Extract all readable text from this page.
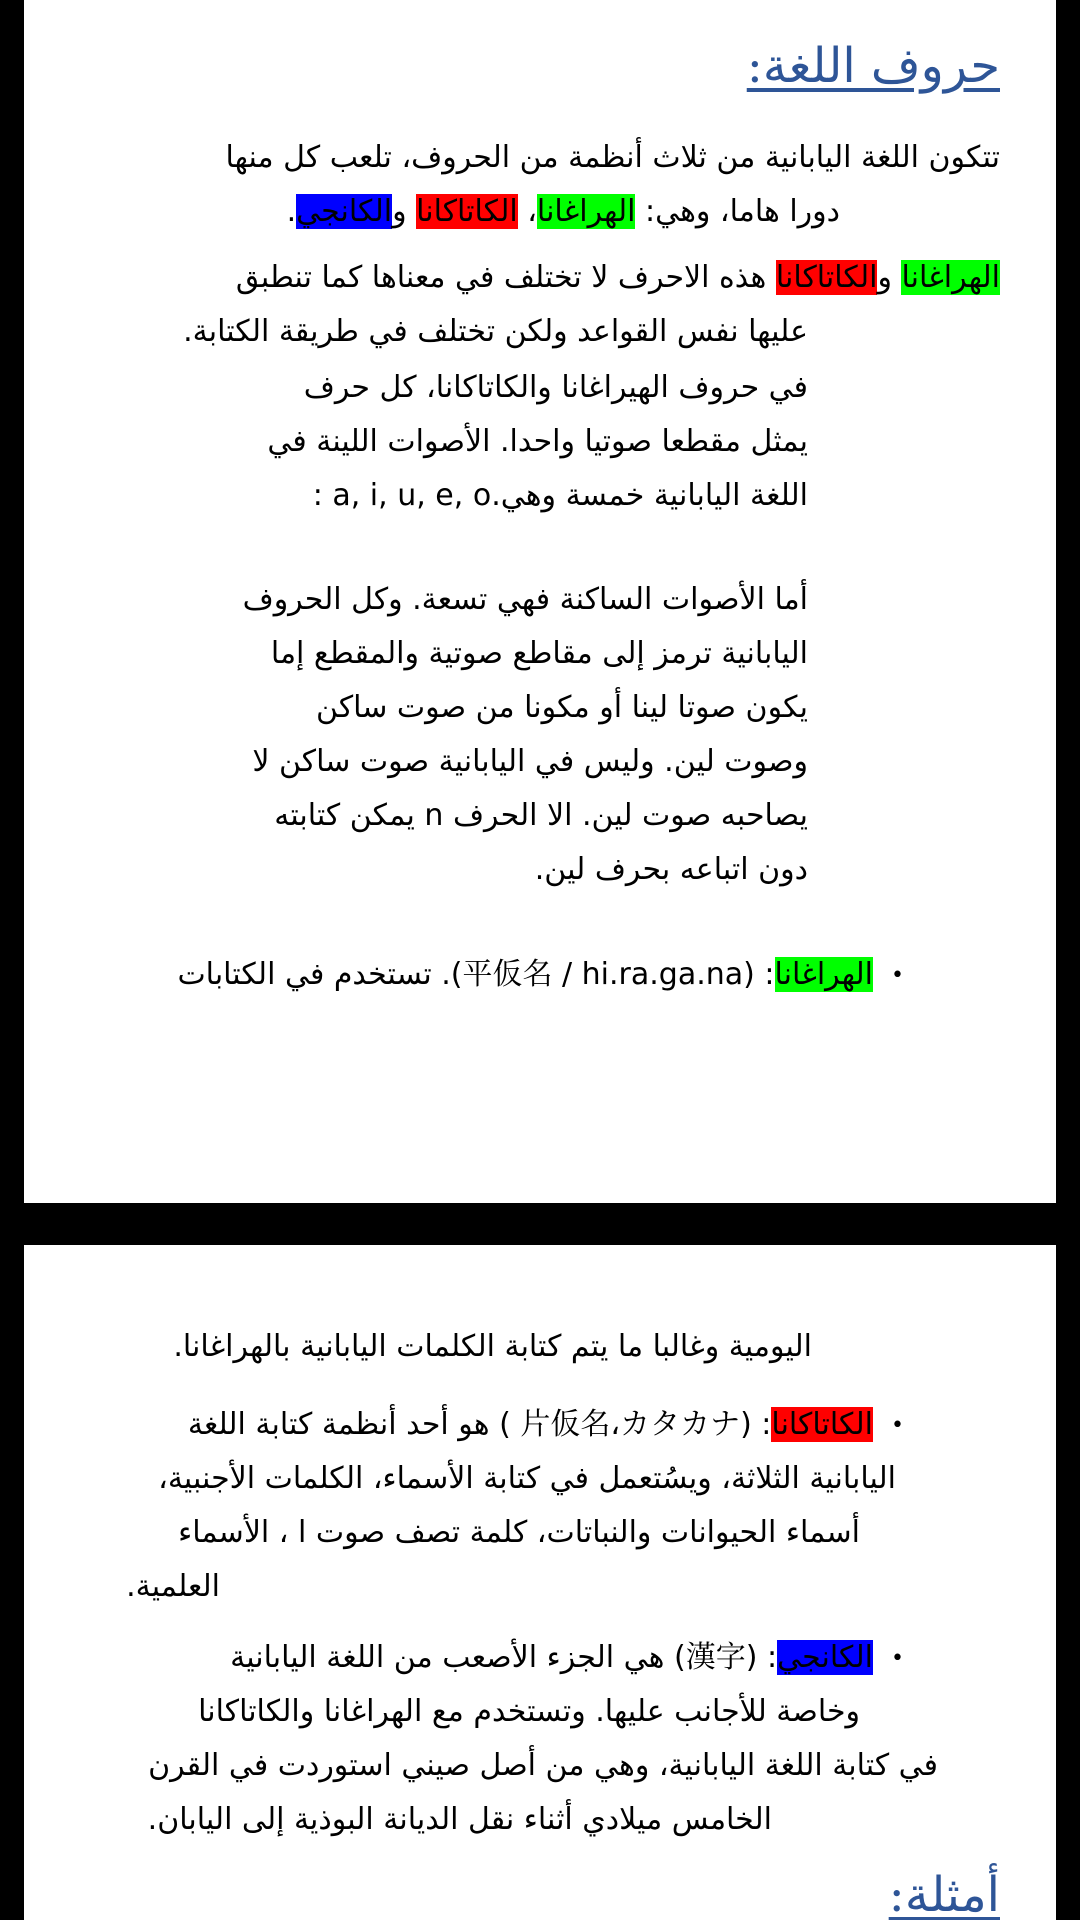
حروف اللغة:
تتكون اللغة اليابانية من ثلاث أنظمة من الحروف، تلعب كل منها
دورا هاما، وهي: الهراغانا، الكاتاكانا والكانجي.
الهراغانا والكاتاكانا هذه الاحرف لا تختلف في معناها كما تنطبق
عليها نفس القواعد ولكن تختلف في طريقة الكتابة.
في حروف الهيراغانا والكاتاكانا، كل حرف
يمثل مقطعا صوتيا واحدا. الأصوات اللينة في
اللغة اليابانية خمسة وهي.a, i, u, e, o :
أما الأصوات الساكنة فهي تسعة. وكل الحروف
اليابانية ترمز إلى مقاطع صوتية والمقطع إما
يكون صوتا لينا أو مكونا من صوت ساكن
وصوت لين. وليس في اليابانية صوت ساكن لا
يصاحبه صوت لين. الا الحرف n يمكن كتابته
دون اتباعه بحرف لين.
•الهراغانا: (平仮名 / hi.ra.ga.na). تستخدم في الكتابات
اليومية وغالبا ما يتم كتابة الكلمات اليابانية بالهراغانا.
•الكاتاكانا: (片仮名،カタカナ ) هو أحد أنظمة كتابة اللغة
اليابانية الثلاثة، ويسُتعمل في كتابة الأسماء، الكلمات الأجنبية،
أسماء الحيوانات والنباتات، كلمة تصف صوت ا ، الأسماء
العلمية.
•الكانجي: (漢字) هي الجزء الأصعب من اللغة اليابانية
وخاصة للأجانب عليها. وتستخدم مع الهراغانا والكاتاكانا
في كتابة اللغة اليابانية، وهي من أصل صيني استوردت في القرن
الخامس ميلادي أثناء نقل الديانة البوذية إلى اليابان.
أمثلة:
